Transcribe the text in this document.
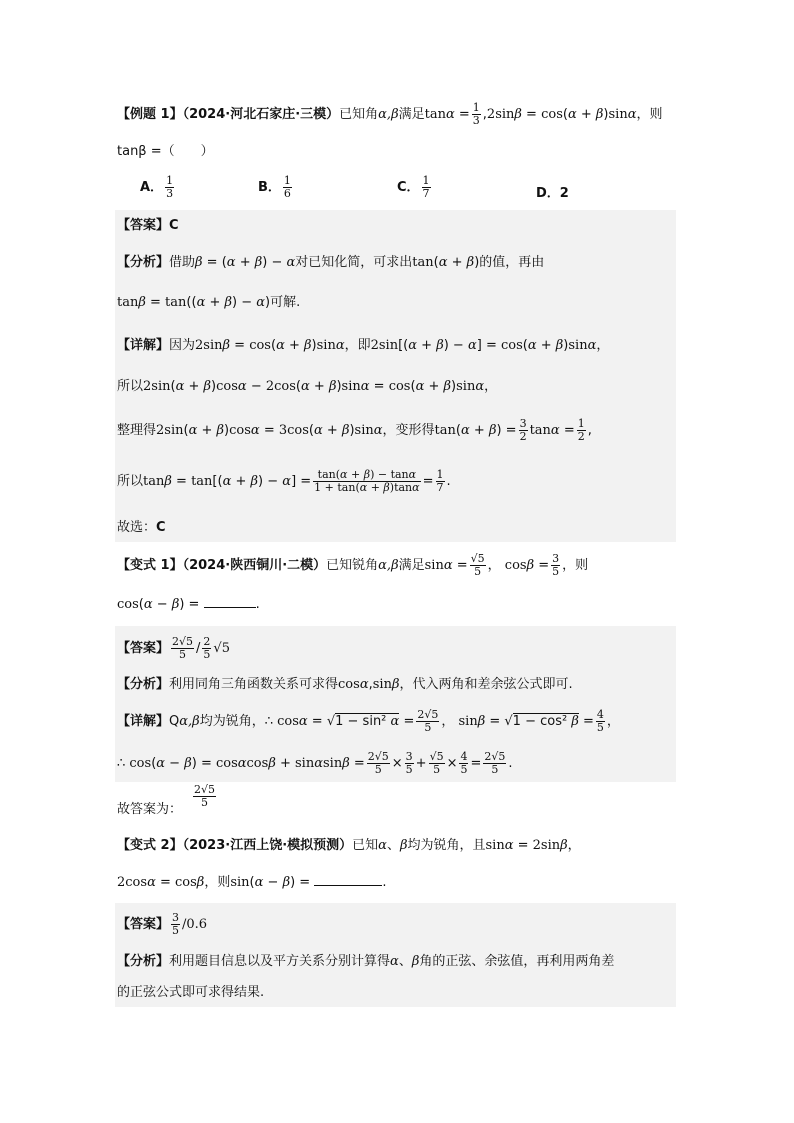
【例题 1】（2024·河北石家庄·三模）已知角α,β满足$\tan\alpha = \frac{1}{3} ,2\sin\beta = \cos(\alpha + \beta)\sin\alpha$，则
tanβ =（　　）
A． $\frac{1}{3}$	B． $\frac{1}{6}$	C． $\frac{1}{7}$	D．2
【答案】C
【分析】借助β = (α + β) − α对已知化简，可求出tan(α + β)的值，再由
tanβ = tan((α + β) − α)可解.
【详解】因为2sinβ = cos(α + β)sinα，即2sin[(α + β) − α] = cos(α + β)sinα，
所以2sin(α + β)cosα − 2cos(α + β)sinα = cos(α + β)sinα，
整理得2sin(α + β)cosα = 3cos(α + β)sinα，变形得$\tan(\alpha + \beta) = \frac{3}{2}$ $\tan\alpha = \frac{1}{2}$ ,
所以$\tan\beta = \tan[(\alpha + \beta) - \alpha] = \frac{\tan(\alpha + \beta) - \tan\alpha}{1 + \tan(\alpha + \beta)\tan\alpha} = \frac{1}{7}$ .
故选：C
【变式 1】（2024·陕西铜川·二模）已知锐角α,β满足$\sin\alpha = \frac{√5}{5}$ ， $\cos\beta = \frac{3}{5}$ ，则
cos(α − β) =	.
【答案】 $\frac{2√5}{5} / \frac{2}{5} √5$
【分析】利用同角三角函数关系可求得cosα,sinβ，代入两角和差余弦公式即可.
【详解】Qα,β均为锐角，∴ cosα = √1 − sin² $\alpha = \frac{2√5}{5}$ ， sinβ = √1 − cos² $\beta = \frac{4}{5}$ ，
∴ $\cos(\alpha - \beta) = \cos\alpha\cos\beta + \sin\alpha\sin\beta = \frac{2√5}{5} \times \frac{3}{5} + \frac{√5}{5} \times \frac{4}{5} = \frac{2√5}{5}$ .
故答案为：
$\frac{2√5}{5}$
【变式 2】（2023·江西上饶·模拟预测）已知α、β均为锐角，且sinα = 2sinβ，
2cosα = cosβ，则sin(α − β) =	.
【答案】 $\frac{3}{5} /0.6$
【分析】利用题目信息以及平方关系分别计算得α、β角的正弦、余弦值，再利用两角差
的正弦公式即可求得结果.
